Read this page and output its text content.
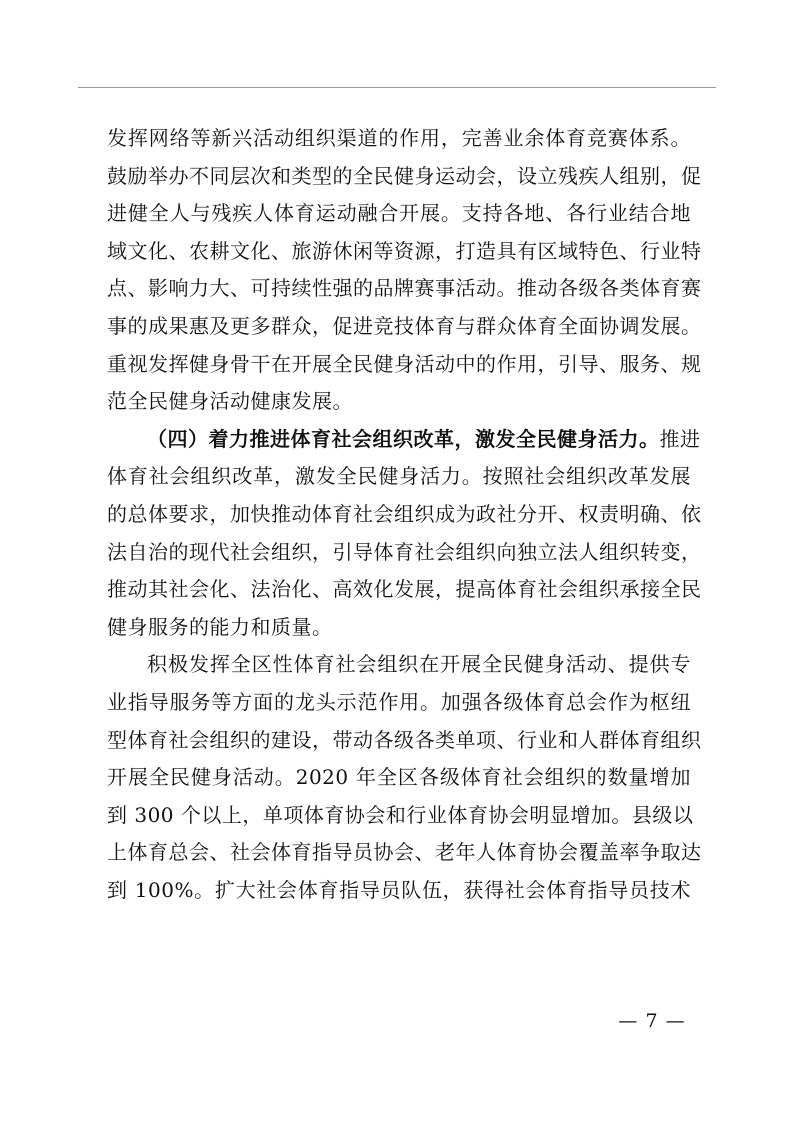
发挥网络等新兴活动组织渠道的作用，完善业余体育竞赛体系。
鼓励举办不同层次和类型的全民健身运动会，设立残疾人组别，促
进健全人与残疾人体育运动融合开展。支持各地、各行业结合地
域文化、农耕文化、旅游休闲等资源，打造具有区域特色、行业特
点、影响力大、可持续性强的品牌赛事活动。推动各级各类体育赛
事的成果惠及更多群众，促进竞技体育与群众体育全面协调发展。
重视发挥健身骨干在开展全民健身活动中的作用，引导、服务、规
范全民健身活动健康发展。
（四）着力推进体育社会组织改革，激发全民健身活力。推进
体育社会组织改革，激发全民健身活力。按照社会组织改革发展
的总体要求，加快推动体育社会组织成为政社分开、权责明确、依
法自治的现代社会组织，引导体育社会组织向独立法人组织转变，
推动其社会化、法治化、高效化发展，提高体育社会组织承接全民
健身服务的能力和质量。
积极发挥全区性体育社会组织在开展全民健身活动、提供专
业指导服务等方面的龙头示范作用。加强各级体育总会作为枢纽
型体育社会组织的建设，带动各级各类单项、行业和人群体育组织
开展全民健身活动。2020 年全区各级体育社会组织的数量增加
到 300 个以上，单项体育协会和行业体育协会明显增加。县级以
上体育总会、社会体育指导员协会、老年人体育协会覆盖率争取达
到 100%。扩大社会体育指导员队伍，获得社会体育指导员技术
— 7 —
